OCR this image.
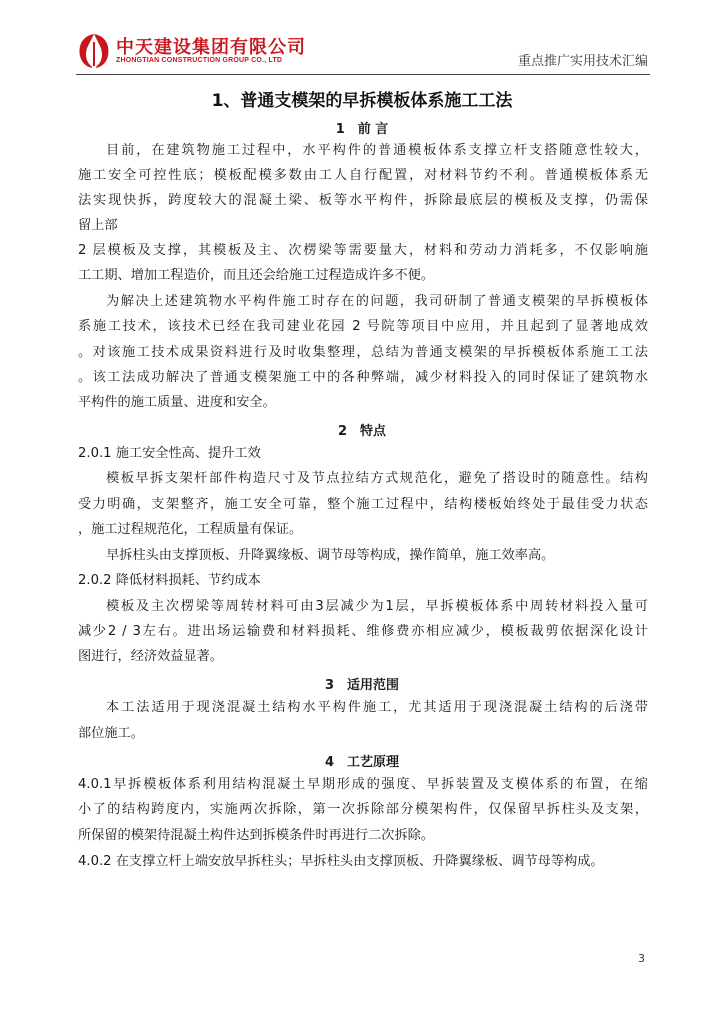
中天建设集团有限公司
ZHONGTIAN CONSTRUCTION GROUP CO., LTD	重点推广实用技术汇编
1、普通支模架的早拆模板体系施工工法
1　前 言
目前，在建筑物施工过程中，水平构件的普通模板体系支撑立杆支搭随意性较大，
施工安全可控性底；模板配模多数由工人自行配置，对材料节约不利。普通模板体系无
法实现快拆，跨度较大的混凝土梁、板等水平构件，拆除最底层的模板及支撑，仍需保
留上部
2 层模板及支撑，其模板及主、次楞梁等需要量大，材料和劳动力消耗多，不仅影响施
工工期、增加工程造价，而且还会给施工过程造成许多不便。
为解决上述建筑物水平构件施工时存在的问题，我司研制了普通支模架的早拆模板体
系施工技术，该技术已经在我司建业花园 2 号院等项目中应用，并且起到了显著地成效
。对该施工技术成果资料进行及时收集整理，总结为普通支模架的早拆模板体系施工工法
。该工法成功解决了普通支模架施工中的各种弊端，减少材料投入的同时保证了建筑物水
平构件的施工质量、进度和安全。
2　特点
2.0.1 施工安全性高、提升工效
模板早拆支架杆部件构造尺寸及节点拉结方式规范化，避免了搭设时的随意性。结构
受力明确，支架整齐，施工安全可靠，整个施工过程中，结构楼板始终处于最佳受力状态
，施工过程规范化，工程质量有保证。
早拆柱头由支撑顶板、升降翼缘板、调节母等构成，操作简单，施工效率高。
2.0.2 降低材料损耗、节约成本
模板及主次楞梁等周转材料可由3层减少为1层，早拆模板体系中周转材料投入量可
减少2 / 3左右。进出场运输费和材料损耗、维修费亦相应减少，模板裁剪依据深化设计
图进行，经济效益显著。
3　适用范围
本工法适用于现浇混凝土结构水平构件施工，尤其适用于现浇混凝土结构的后浇带
部位施工。
4　工艺原理
4.0.1早拆模板体系利用结构混凝土早期形成的强度、早拆装置及支模体系的布置，在缩
小了的结构跨度内，实施两次拆除，第一次拆除部分模架构件，仅保留早拆柱头及支架，
所保留的模架待混凝土构件达到拆模条件时再进行二次拆除。
4.0.2 在支撑立杆上端安放早拆柱头；早拆柱头由支撑顶板、升降翼缘板、调节母等构成。
3
